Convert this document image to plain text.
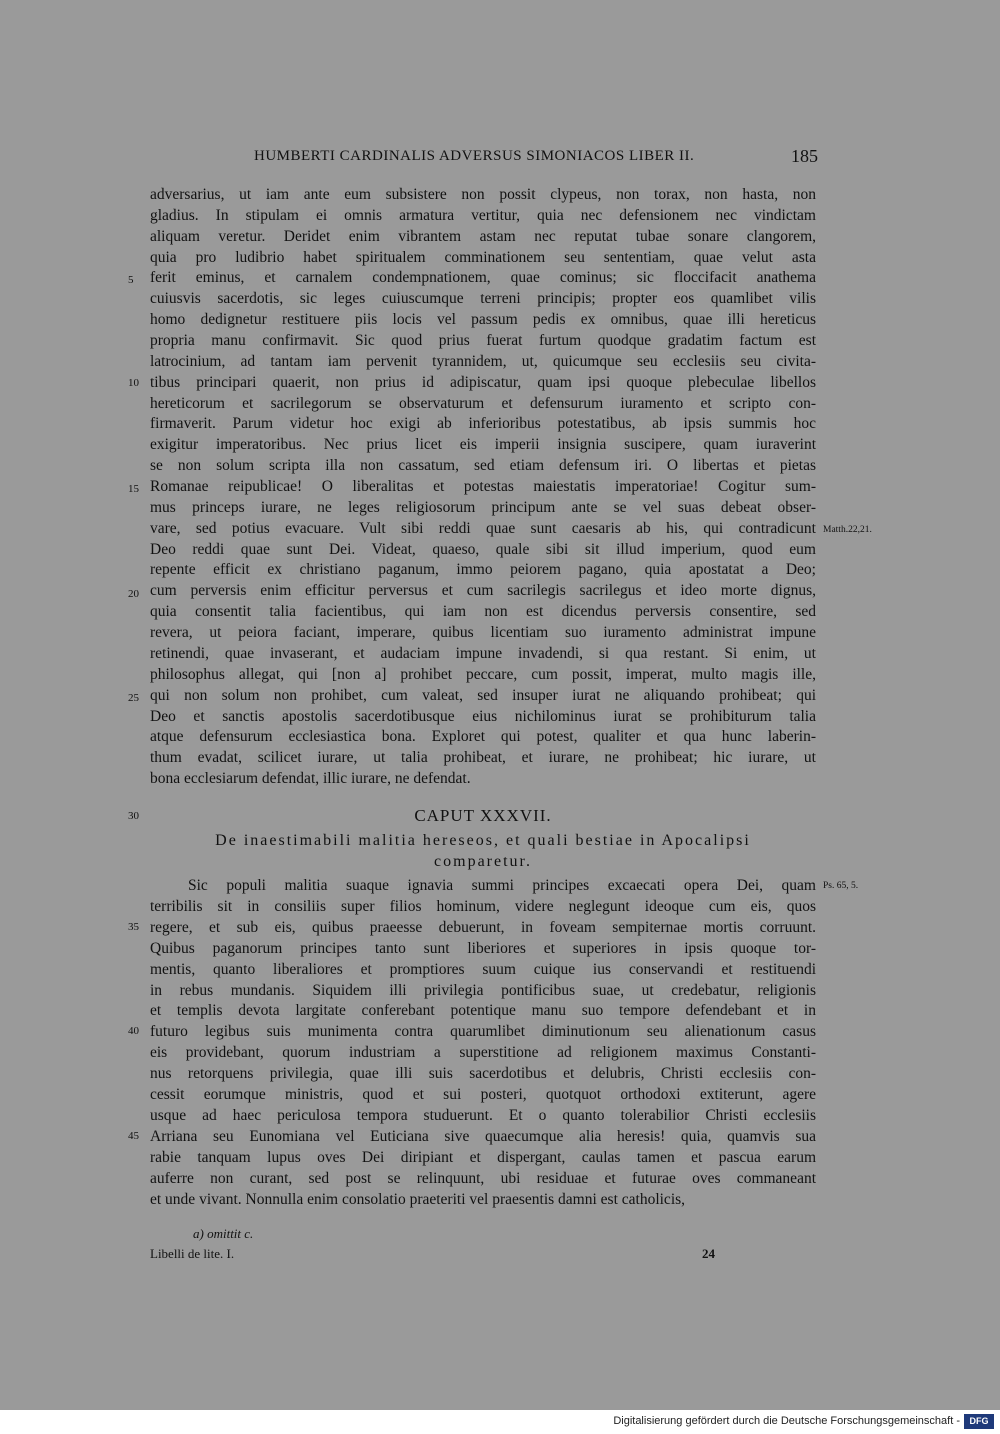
HUMBERTI CARDINALIS ADVERSUS SIMONIACOS LIBER II.	185
adversarius, ut iam ante eum subsistere non possit clypeus, non torax, non hasta, non
gladius. In stipulam ei omnis armatura vertitur, quia nec defensionem nec vindictam
aliquam veretur. Deridet enim vibrantem astam nec reputat tubae sonare clangorem,
quia pro ludibrio habet spiritualem comminationem seu sententiam, quae velut asta
ferit eminus, et carnalem condempnationem, quae cominus; sic floccifacit anathema
cuiusvis sacerdotis, sic leges cuiuscumque terreni principis; propter eos quamlibet vilis
homo dedignetur restituere piis locis vel passum pedis ex omnibus, quae illi hereticus
propria manu confirmavit. Sic quod prius fuerat furtum quodque gradatim factum est
latrocinium, ad tantam iam pervenit tyrannidem, ut, quicumque seu ecclesiis seu civita-
tibus principari quaerit, non prius id adipiscatur, quam ipsi quoque plebeculae libellos
hereticorum et sacrilegorum se observaturum et defensurum iuramento et scripto con-
firmaverit. Parum videtur hoc exigi ab inferioribus potestatibus, ab ipsis summis hoc
exigitur imperatoribus. Nec prius licet eis imperii insignia suscipere, quam iuraverint
se non solum scripta illa non cassatum, sed etiam defensum iri. O libertas et pietas
Romanae reipublicae! O liberalitas et potestas maiestatis imperatoriae! Cogitur sum-
mus princeps iurare, ne leges religiosorum principum ante se vel suas debeat obser-
vare, sed potius evacuare. Vult sibi reddi quae sunt caesaris ab his, qui contradicunt
Deo reddi quae sunt Dei. Videat, quaeso, quale sibi sit illud imperium, quod eum
repente efficit ex christiano paganum, immo peiorem pagano, quia apostatat a Deo;
cum perversis enim efficitur perversus et cum sacrilegis sacrilegus et ideo morte dignus,
quia consentit talia facientibus, qui iam non est dicendus perversis consentire, sed
revera, ut peiora faciant, imperare, quibus licentiam suo iuramento administrat impune
retinendi, quae invaserant, et audaciam impune invadendi, si qua restant. Si enim, ut
philosophus allegat, qui [non a] prohibet peccare, cum possit, imperat, multo magis ille,
qui non solum non prohibet, cum valeat, sed insuper iurat ne aliquando prohibeat; qui
Deo et sanctis apostolis sacerdotibusque eius nichilominus iurat se prohibiturum talia
atque defensurum ecclesiastica bona. Exploret qui potest, qualiter et qua hunc laberin-
thum evadat, scilicet iurare, ut talia prohibeat, et iurare, ne prohibeat; hic iurare, ut
bona ecclesiarum defendat, illic iurare, ne defendat.
30	CAPUT XXXVII.
De inaestimabili malitia hereseos, et quali bestiae in Apocalipsi
comparetur.
Sic populi malitia suaque ignavia summi principes excaecati opera Dei, quam
terribilis sit in consiliis super filios hominum, videre neglegunt ideoque cum eis, quos
regere, et sub eis, quibus praeesse debuerunt, in foveam sempiternae mortis corruunt.
Quibus paganorum principes tanto sunt liberiores et superiores in ipsis quoque tor-
mentis, quanto liberaliores et promptiores suum cuique ius conservandi et restituendi
in rebus mundanis. Siquidem illi privilegia pontificibus suae, ut credebatur, religionis
et templis devota largitate conferebant potentique manu suo tempore defendebant et in
futuro legibus suis munimenta contra quarumlibet diminutionum seu alienationum casus
eis providebant, quorum industriam a superstitione ad religionem maximus Constanti-
nus retorquens privilegia, quae illi suis sacerdotibus et delubris, Christi ecclesiis con-
cessit eorumque ministris, quod et sui posteri, quotquot orthodoxi extiterunt, agere
usque ad haec periculosa tempora studuerunt. Et o quanto tolerabilior Christi ecclesiis
Arriana seu Eunomiana vel Euticiana sive quaecumque alia heresis! quia, quamvis sua
rabie tanquam lupus oves Dei diripiant et dispergant, caulas tamen et pascua earum
auferre non curant, sed post se relinquunt, ubi residuae et futurae oves commaneant
et unde vivant. Nonnulla enim consolatio praeteriti vel praesentis damni est catholicis,
5
10
15
20
25
35
40
45
Matth.22,21.
Ps. 65, 5.
a) omittit c.
Libelli de lite. I.	24
Digitalisierung gefördert durch die Deutsche Forschungsgemeinschaft -	DFG
